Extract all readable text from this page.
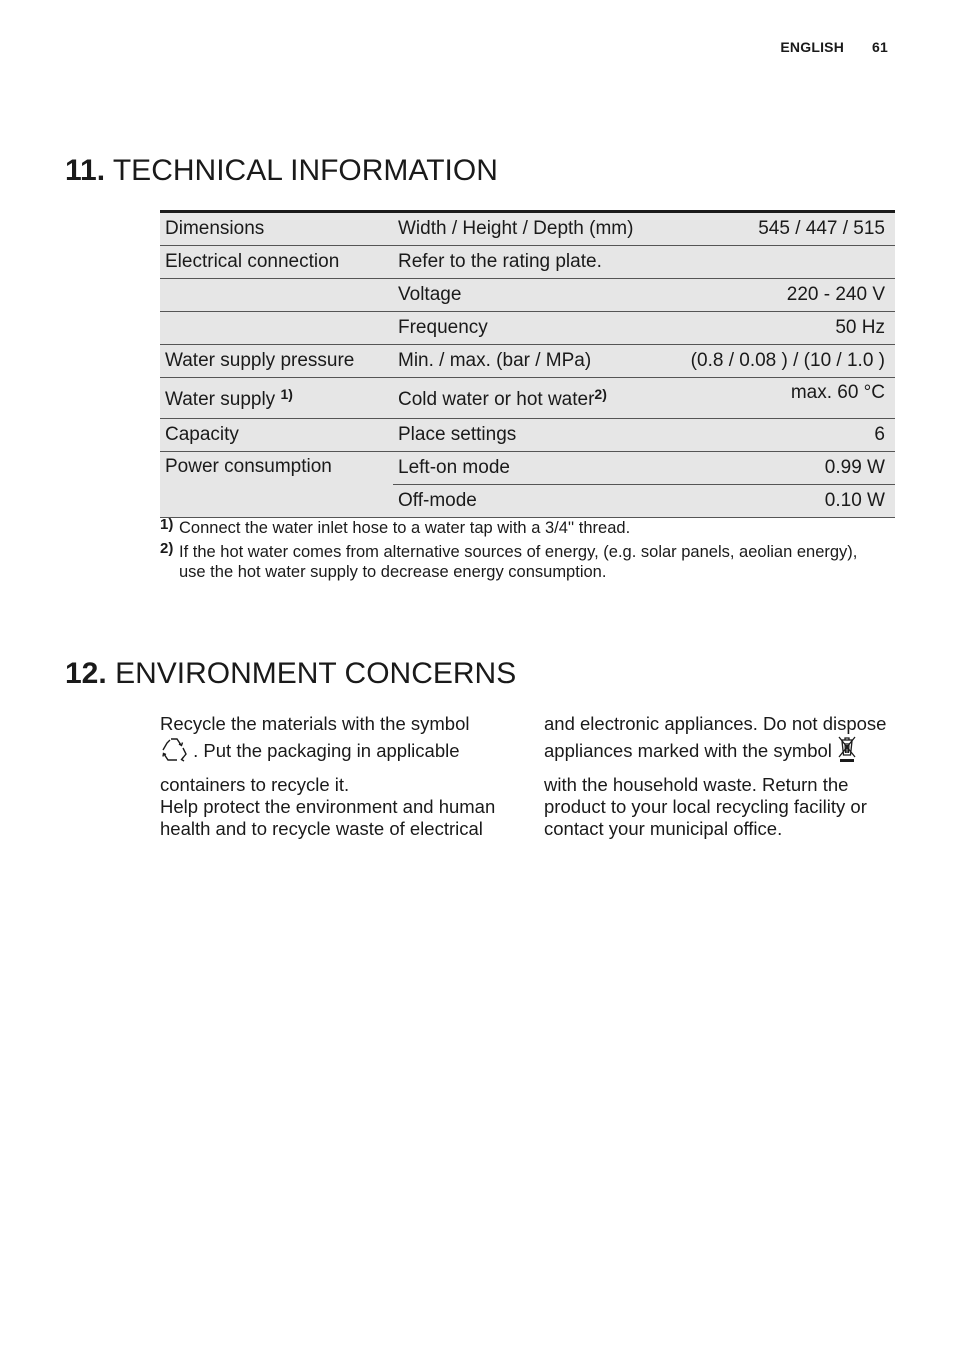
ENGLISH 61
11. TECHNICAL INFORMATION
Dimensions	Width / Height / Depth (mm)	545 / 447 / 515
Electrical connection	Refer to the rating plate.	
	Voltage	220 - 240 V
	Frequency	50 Hz
Water supply pressure	Min. / max. (bar / MPa)	(0.8 / 0.08 ) / (10 / 1.0 )
Water supply $^{1)}$	Cold water or hot water$^{2)}$	max. 60 °C
Capacity	Place settings	6
Power consumption	Left-on mode	0.99 W
	Off-mode	0.10 W
1) Connect the water inlet hose to a water tap with a 3/4'' thread.
2) If the hot water comes from alternative sources of energy, (e.g. solar panels, aeolian energy), use the hot water supply to decrease energy consumption.
12. ENVIRONMENT CONCERNS

Recycle the materials with the symbol
. Put the packaging in applicable
containers to recycle it.
Help protect the environment and human health and to recycle waste of electrical

and electronic appliances. Do not dispose
appliances marked with the symbol
with the household waste. Return the product to your local recycling facility or contact your municipal office.
